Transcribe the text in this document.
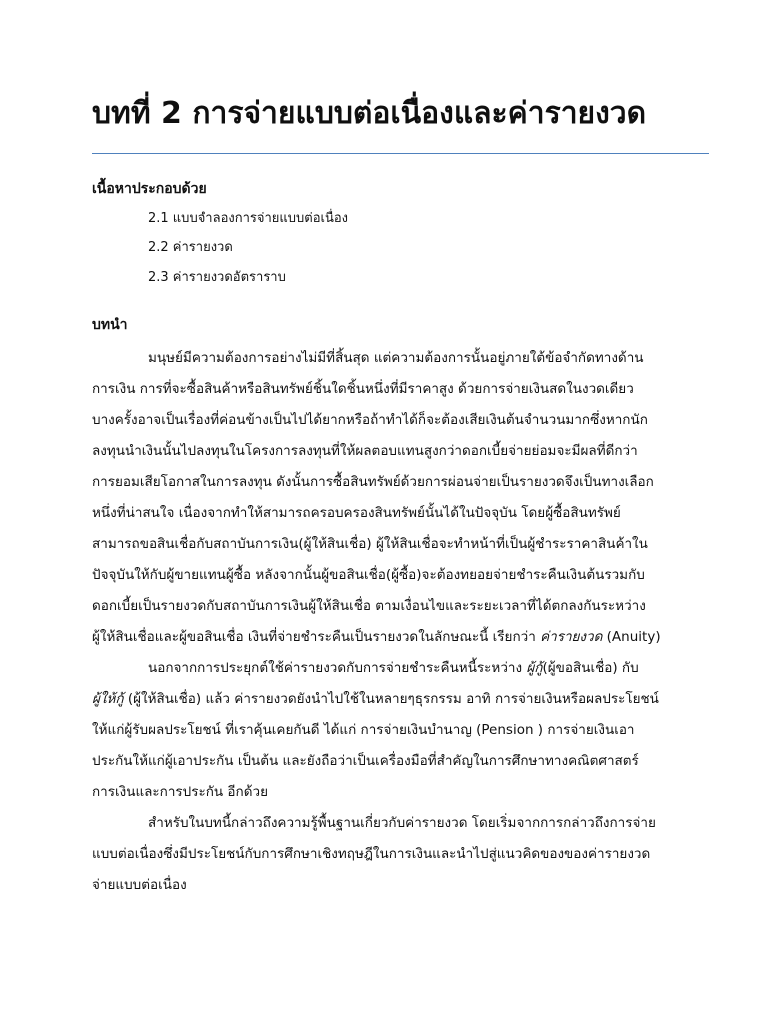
บทที่ 2 การจ่ายแบบต่อเนื่องและค่ารายงวด
เนื้อหาประกอบด้วย
2.1 แบบจำลองการจ่ายแบบต่อเนื่อง
2.2 ค่ารายงวด
2.3 ค่ารายงวดอัตราราบ
บทนำ
มนุษย์มีความต้องการอย่างไม่มีที่สิ้นสุด แต่ความต้องการนั้นอยู่ภายใต้ข้อจำกัดทางด้าน
การเงิน การที่จะซื้อสินค้าหรือสินทรัพย์ชิ้นใดชิ้นหนึ่งที่มีราคาสูง ด้วยการจ่ายเงินสดในงวดเดียว
บางครั้งอาจเป็นเรื่องที่ค่อนข้างเป็นไปได้ยากหรือถ้าทำได้ก็จะต้องเสียเงินต้นจำนวนมากซึ่งหากนัก
ลงทุนนำเงินนั้นไปลงทุนในโครงการลงทุนที่ให้ผลตอบแทนสูงกว่าดอกเบี้ยจ่ายย่อมจะมีผลที่ดีกว่า
การยอมเสียโอกาสในการลงทุน ดังนั้นการซื้อสินทรัพย์ด้วยการผ่อนจ่ายเป็นรายงวดจึงเป็นทางเลือก
หนึ่งที่น่าสนใจ เนื่องจากทำให้สามารถครอบครองสินทรัพย์นั้นได้ในปัจจุบัน โดยผู้ซื้อสินทรัพย์
สามารถขอสินเชื่อกับสถาบันการเงิน(ผู้ให้สินเชื่อ) ผู้ให้สินเชื่อจะทำหน้าที่เป็นผู้ชำระราคาสินค้าใน
ปัจจุบันให้กับผู้ขายแทนผู้ซื้อ หลังจากนั้นผู้ขอสินเชื่อ(ผู้ซื้อ)จะต้องทยอยจ่ายชำระคืนเงินต้นรวมกับ
ดอกเบี้ยเป็นรายงวดกับสถาบันการเงินผู้ให้สินเชื่อ ตามเงื่อนไขและระยะเวลาที่ได้ตกลงกันระหว่าง
ผู้ให้สินเชื่อและผู้ขอสินเชื่อ เงินที่จ่ายชำระคืนเป็นรายงวดในลักษณะนี้ เรียกว่า ค่ารายงวด (Anuity)
นอกจากการประยุกต์ใช้ค่ารายงวดกับการจ่ายชำระคืนหนี้ระหว่าง ผู้กู้(ผู้ขอสินเชื่อ) กับ
ผู้ให้กู้ (ผู้ให้สินเชื่อ) แล้ว ค่ารายงวดยังนำไปใช้ในหลายๆธุรกรรม อาทิ การจ่ายเงินหรือผลประโยชน์
ให้แก่ผู้รับผลประโยชน์ ที่เราคุ้นเคยกันดี ได้แก่ การจ่ายเงินบำนาญ (Pension ) การจ่ายเงินเอา
ประกันให้แก่ผู้เอาประกัน เป็นต้น และยังถือว่าเป็นเครื่องมือที่สำคัญในการศึกษาทางคณิตศาสตร์
การเงินและการประกัน อีกด้วย
สำหรับในบทนี้กล่าวถึงความรู้พื้นฐานเกี่ยวกับค่ารายงวด โดยเริ่มจากการกล่าวถึงการจ่าย
แบบต่อเนื่องซึ่งมีประโยชน์กับการศึกษาเชิงทฤษฎีในการเงินและนำไปสู่แนวคิดของของค่ารายงวด
จ่ายแบบต่อเนื่อง
